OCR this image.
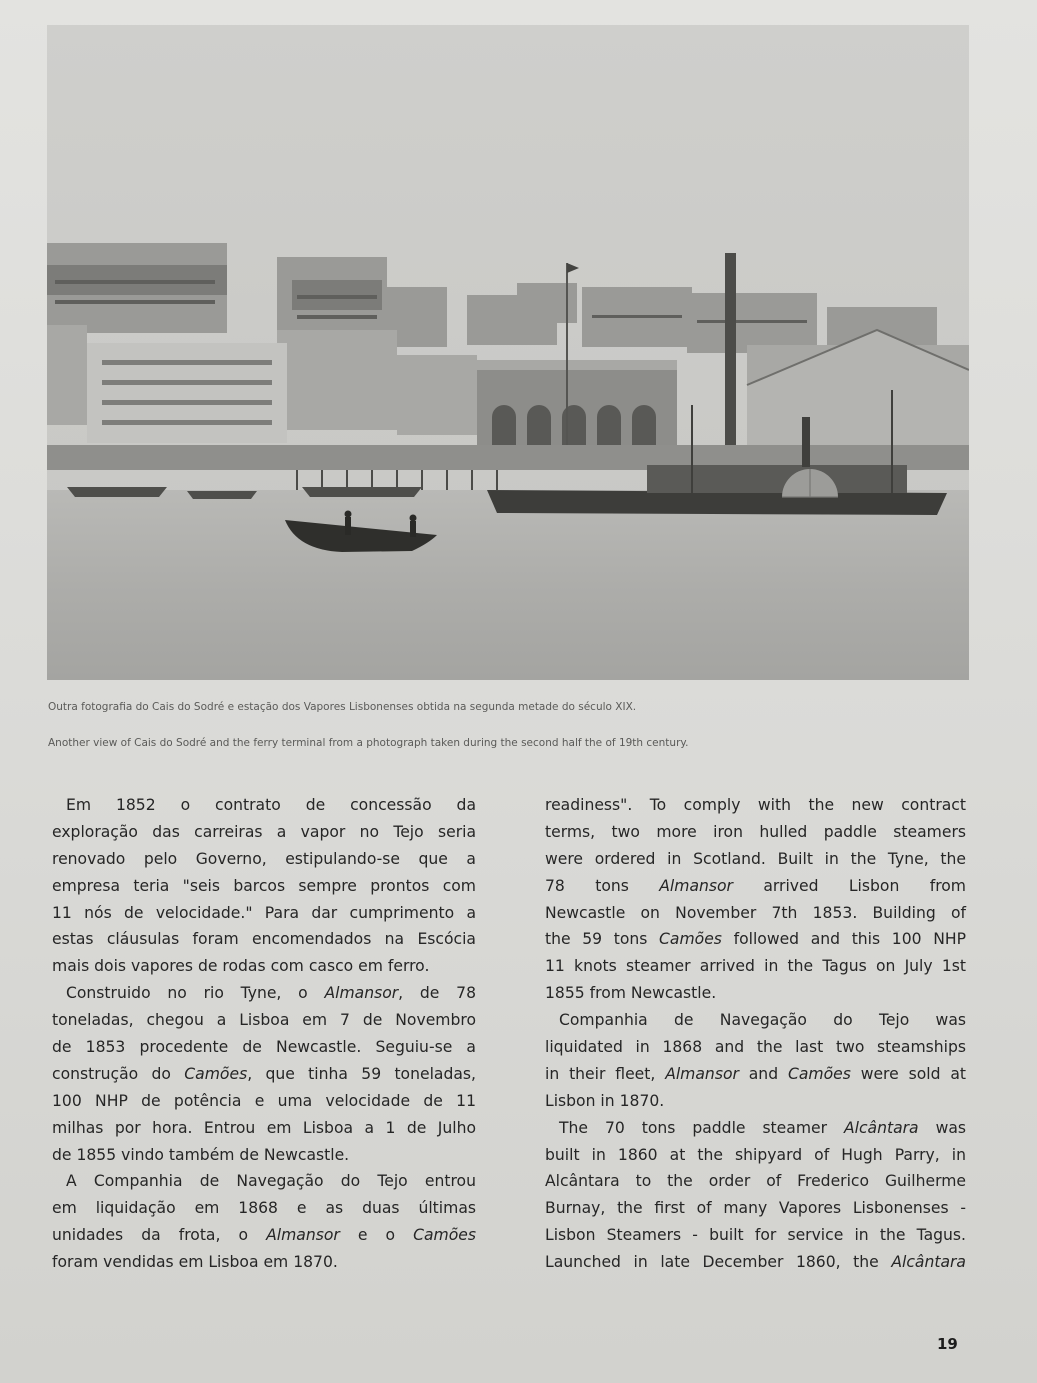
Outra fotografia do Cais do Sodré e estação dos Vapores Lisbonenses obtida na segunda metade do século XIX.
Another view of Cais do Sodré and the ferry terminal from a photograph taken during the second half the of 19th century.
Em 1852 o contrato de concessão da
exploração das carreiras a vapor no Tejo seria
renovado pelo Governo, estipulando-se que a
empresa teria "seis barcos sempre prontos com
11 nós de velocidade." Para dar cumprimento a
estas cláusulas foram encomendados na Escócia
mais dois vapores de rodas com casco em ferro.
Construido no rio Tyne, o Almansor, de 78
toneladas, chegou a Lisboa em 7 de Novembro
de 1853 procedente de Newcastle. Seguiu-se a
construção do Camões, que tinha 59 toneladas,
100 NHP de potência e uma velocidade de 11
milhas por hora. Entrou em Lisboa a 1 de Julho
de 1855 vindo também de Newcastle.
A Companhia de Navegação do Tejo entrou
em liquidação em 1868 e as duas últimas
unidades da frota, o Almansor e o Camões
foram vendidas em Lisboa em 1870.
readiness". To comply with the new contract
terms, two more iron hulled paddle steamers
were ordered in Scotland. Built in the Tyne, the
78 tons Almansor arrived Lisbon from
Newcastle on November 7th 1853. Building of
the 59 tons Camões followed and this 100 NHP
11 knots steamer arrived in the Tagus on July 1st
1855 from Newcastle.
Companhia de Navegação do Tejo was
liquidated in 1868 and the last two steamships
in their fleet, Almansor and Camões were sold at
Lisbon in 1870.
The 70 tons paddle steamer Alcântara was
built in 1860 at the shipyard of Hugh Parry, in
Alcântara to the order of Frederico Guilherme
Burnay, the first of many Vapores Lisbonenses -
Lisbon Steamers - built for service in the Tagus.
Launched in late December 1860, the Alcântara
19
